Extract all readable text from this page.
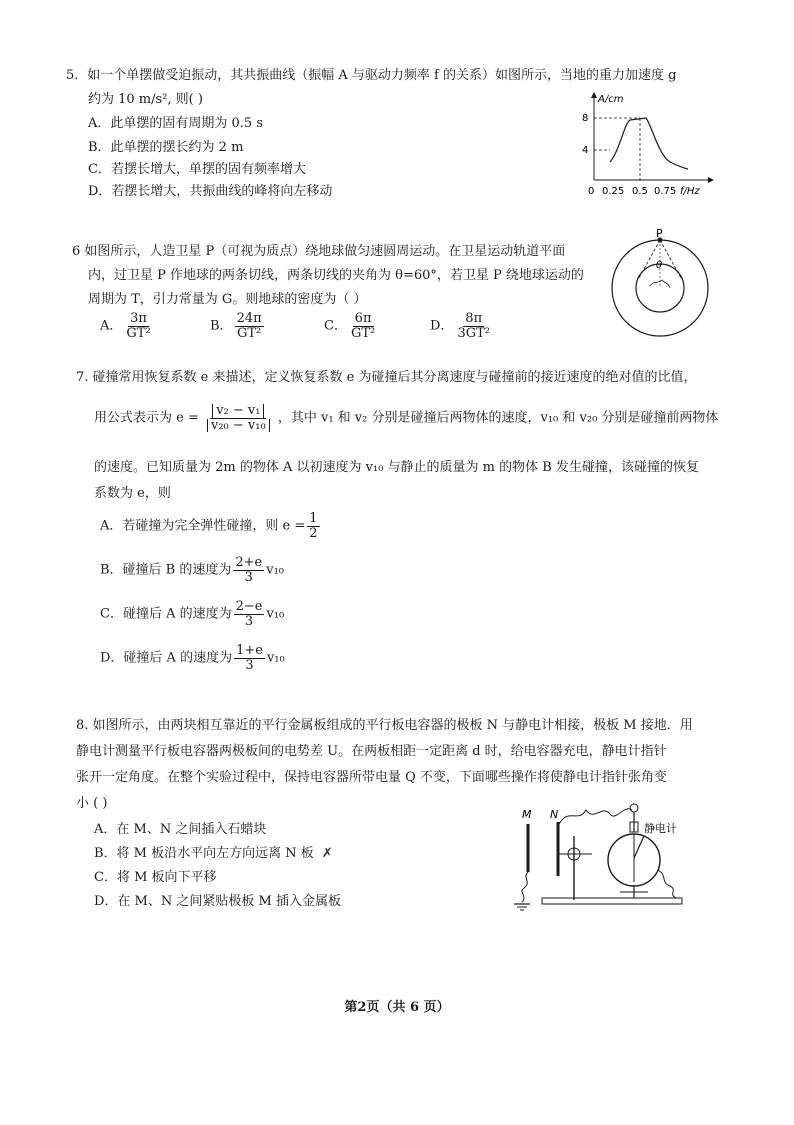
5．如一个单摆做受迫振动，其共振曲线（振幅 A 与驱动力频率 f 的关系）如图所示，当地的重力加速度 g
约为 10 m/s², 则( )
A．此单摆的固有周期为 0.5 s
B．此单摆的摆长约为 2 m
C．若摆长增大，单摆的固有频率增大
D．若摆长增大，共振曲线的峰将向左移动
A/cm
f/Hz
8
4
0 0.25 0.5 0.75
6 如图所示，人造卫星 P（可视为质点）绕地球做匀速圆周运动。在卫星运动轨道平面
内，过卫星 P 作地球的两条切线，两条切线的夹角为 θ=60°，若卫星 P 绕地球运动的
周期为 T，引力常量为 G。则地球的密度为（ ）
A． $\frac{3\pi}{\text{GT²}}$	B． $\frac{24\pi}{\text{GT²}}$	C． $\frac{6\pi}{\text{GT²}}$	D． $\frac{8\pi}{\text{3GT²}}$
P
θ
7. 碰撞常用恢复系数 e 来描述，定义恢复系数 e 为碰撞后其分离速度与碰撞前的接近速度的绝对值的比值，
用公式表示为 $e = \frac{\text{v₂ − v₁}}{\text{v₂₀ − v₁₀}}$ ，其中 v₁ 和 v₂ 分别是碰撞后两物体的速度，v₁₀ 和 v₂₀ 分别是碰撞前两物体
的速度。已知质量为 2m 的物体 A 以初速度为 v₁₀ 与静止的质量为 m 的物体 B 发生碰撞，该碰撞的恢复
系数为 e，则
A．若碰撞为完全弹性碰撞，则 $e = \frac{1}{2}$
B．碰撞后 B 的速度为 $\frac{2+e}{3} v_{10}$
C．碰撞后 A 的速度为 $\frac{2-e}{3} v_{10}$
D．碰撞后 A 的速度为 $\frac{1+e}{3} v_{10}$
8. 如图所示，由两块相互靠近的平行金属板组成的平行板电容器的极板 N 与静电计相接，极板 M 接地．用
静电计测量平行板电容器两极板间的电势差 U。在两板相距一定距离 d 时，给电容器充电，静电计指针
张开一定角度。在整个实验过程中，保持电容器所带电量 Q 不变，下面哪些操作将使静电计指针张角变
小 ( )
A．在 M、N 之间插入石蜡块
B．将 M 板沿水平向左方向远离 N 板 ✗
C．将 M 板向下平移
D．在 M、N 之间紧贴极板 M 插入金属板
M N
静电计
第2页（共 6 页）
